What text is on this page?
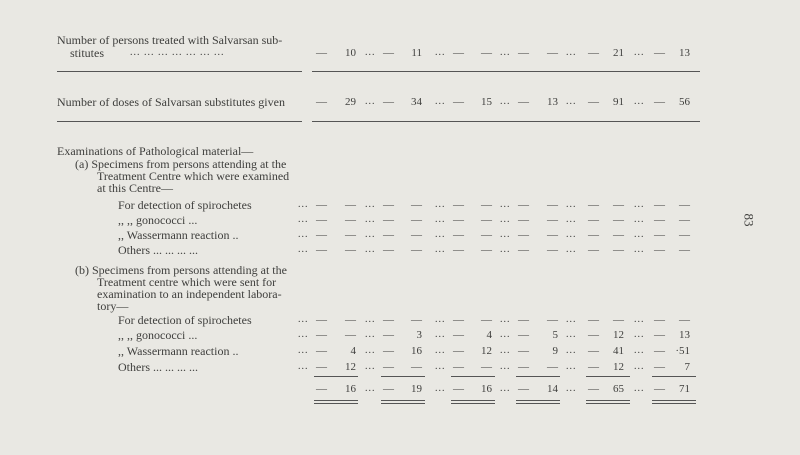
Number of persons treated with Salvarsan sub-
stitutes	... ... ... ... ... ... ...	—	10 ... —	11 ... —	— ... —	— ... —	21 ... —	13
Number of doses of Salvarsan substitutes given	—	29 ... —	34 ... —	15 ... —	13 ... —	91 ... —	56
Examinations of Pathological material—
(a) Specimens from persons attending at the
Treatment Centre which were examined
at this Centre—
For detection of spirochetes	... —	— ... —	— ... —	— ... —	— ... —	— ... —	—
,, ,, gonococci ...	... —	— ... —	— ... —	— ... —	— ... —	— ... —	—
,, Wassermann reaction ..	... —	— ... —	— ... —	— ... —	— ... —	— ... —	—
Others ... ... ... ...	... —	— ... —	— ... —	— ... —	— ... —	— ... —	—
(b) Specimens from persons attending at the
Treatment centre which were sent for
examination to an independent labora-
tory—
For detection of spirochetes	... —	— ... —	— ... —	— ... —	— ... —	— ... —	—
,, ,, gonococci ...	... —	— ... —	3 ... —	4 ... —	5 ... —	12 ... —	13
,, Wassermann reaction ..	... —	4 ... —	16 ... —	12 ... —	9 ... —	41 ... — ·51
Others ... ... ... ...	... —	12 ... —	— ... —	— ... —	— ... —	12 ... —	7
—	16 ... —	19 ... —	16 ... —	14 ... —	65 ... —	71
83
